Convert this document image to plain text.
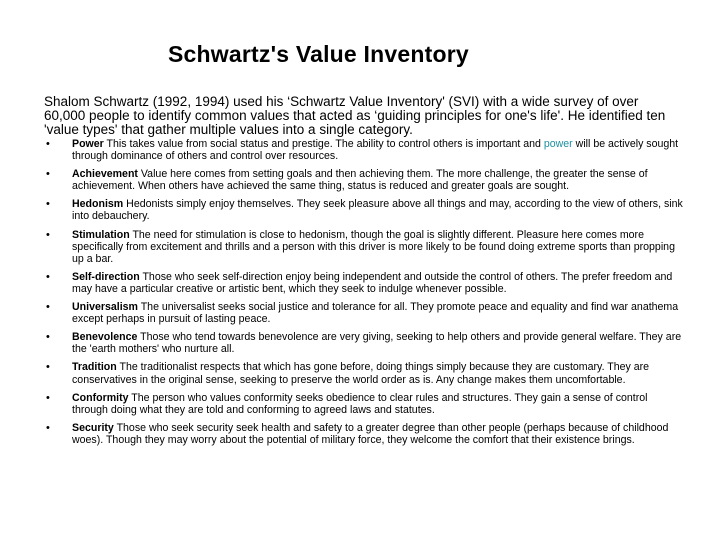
Schwartz's Value Inventory
Shalom Schwartz (1992, 1994) used his ‘Schwartz Value Inventory' (SVI) with a wide survey of over 60,000 people to identify common values that acted as ‘guiding principles for one's life'. He identified ten 'value types' that gather multiple values into a single category.
• Power This takes value from social status and prestige. The ability to control others is important and power will be actively sought through dominance of others and control over resources.
• Achievement Value here comes from setting goals and then achieving them. The more challenge, the greater the sense of achievement. When others have achieved the same thing, status is reduced and greater goals are sought.
• Hedonism Hedonists simply enjoy themselves. They seek pleasure above all things and may, according to the view of others, sink into debauchery.
• Stimulation The need for stimulation is close to hedonism, though the goal is slightly different. Pleasure here comes more specifically from excitement and thrills and a person with this driver is more likely to be found doing extreme sports than propping up a bar.
• Self-direction Those who seek self-direction enjoy being independent and outside the control of others. The prefer freedom and may have a particular creative or artistic bent, which they seek to indulge whenever possible.
• Universalism The universalist seeks social justice and tolerance for all. They promote peace and equality and find war anathema except perhaps in pursuit of lasting peace.
• Benevolence Those who tend towards benevolence are very giving, seeking to help others and provide general welfare. They are the 'earth mothers' who nurture all.
• Tradition The traditionalist respects that which has gone before, doing things simply because they are customary. They are conservatives in the original sense, seeking to preserve the world order as is. Any change makes them uncomfortable.
• Conformity The person who values conformity seeks obedience to clear rules and structures. They gain a sense of control through doing what they are told and conforming to agreed laws and statutes.
• Security Those who seek security seek health and safety to a greater degree than other people (perhaps because of childhood woes). Though they may worry about the potential of military force, they welcome the comfort that their existence brings.
